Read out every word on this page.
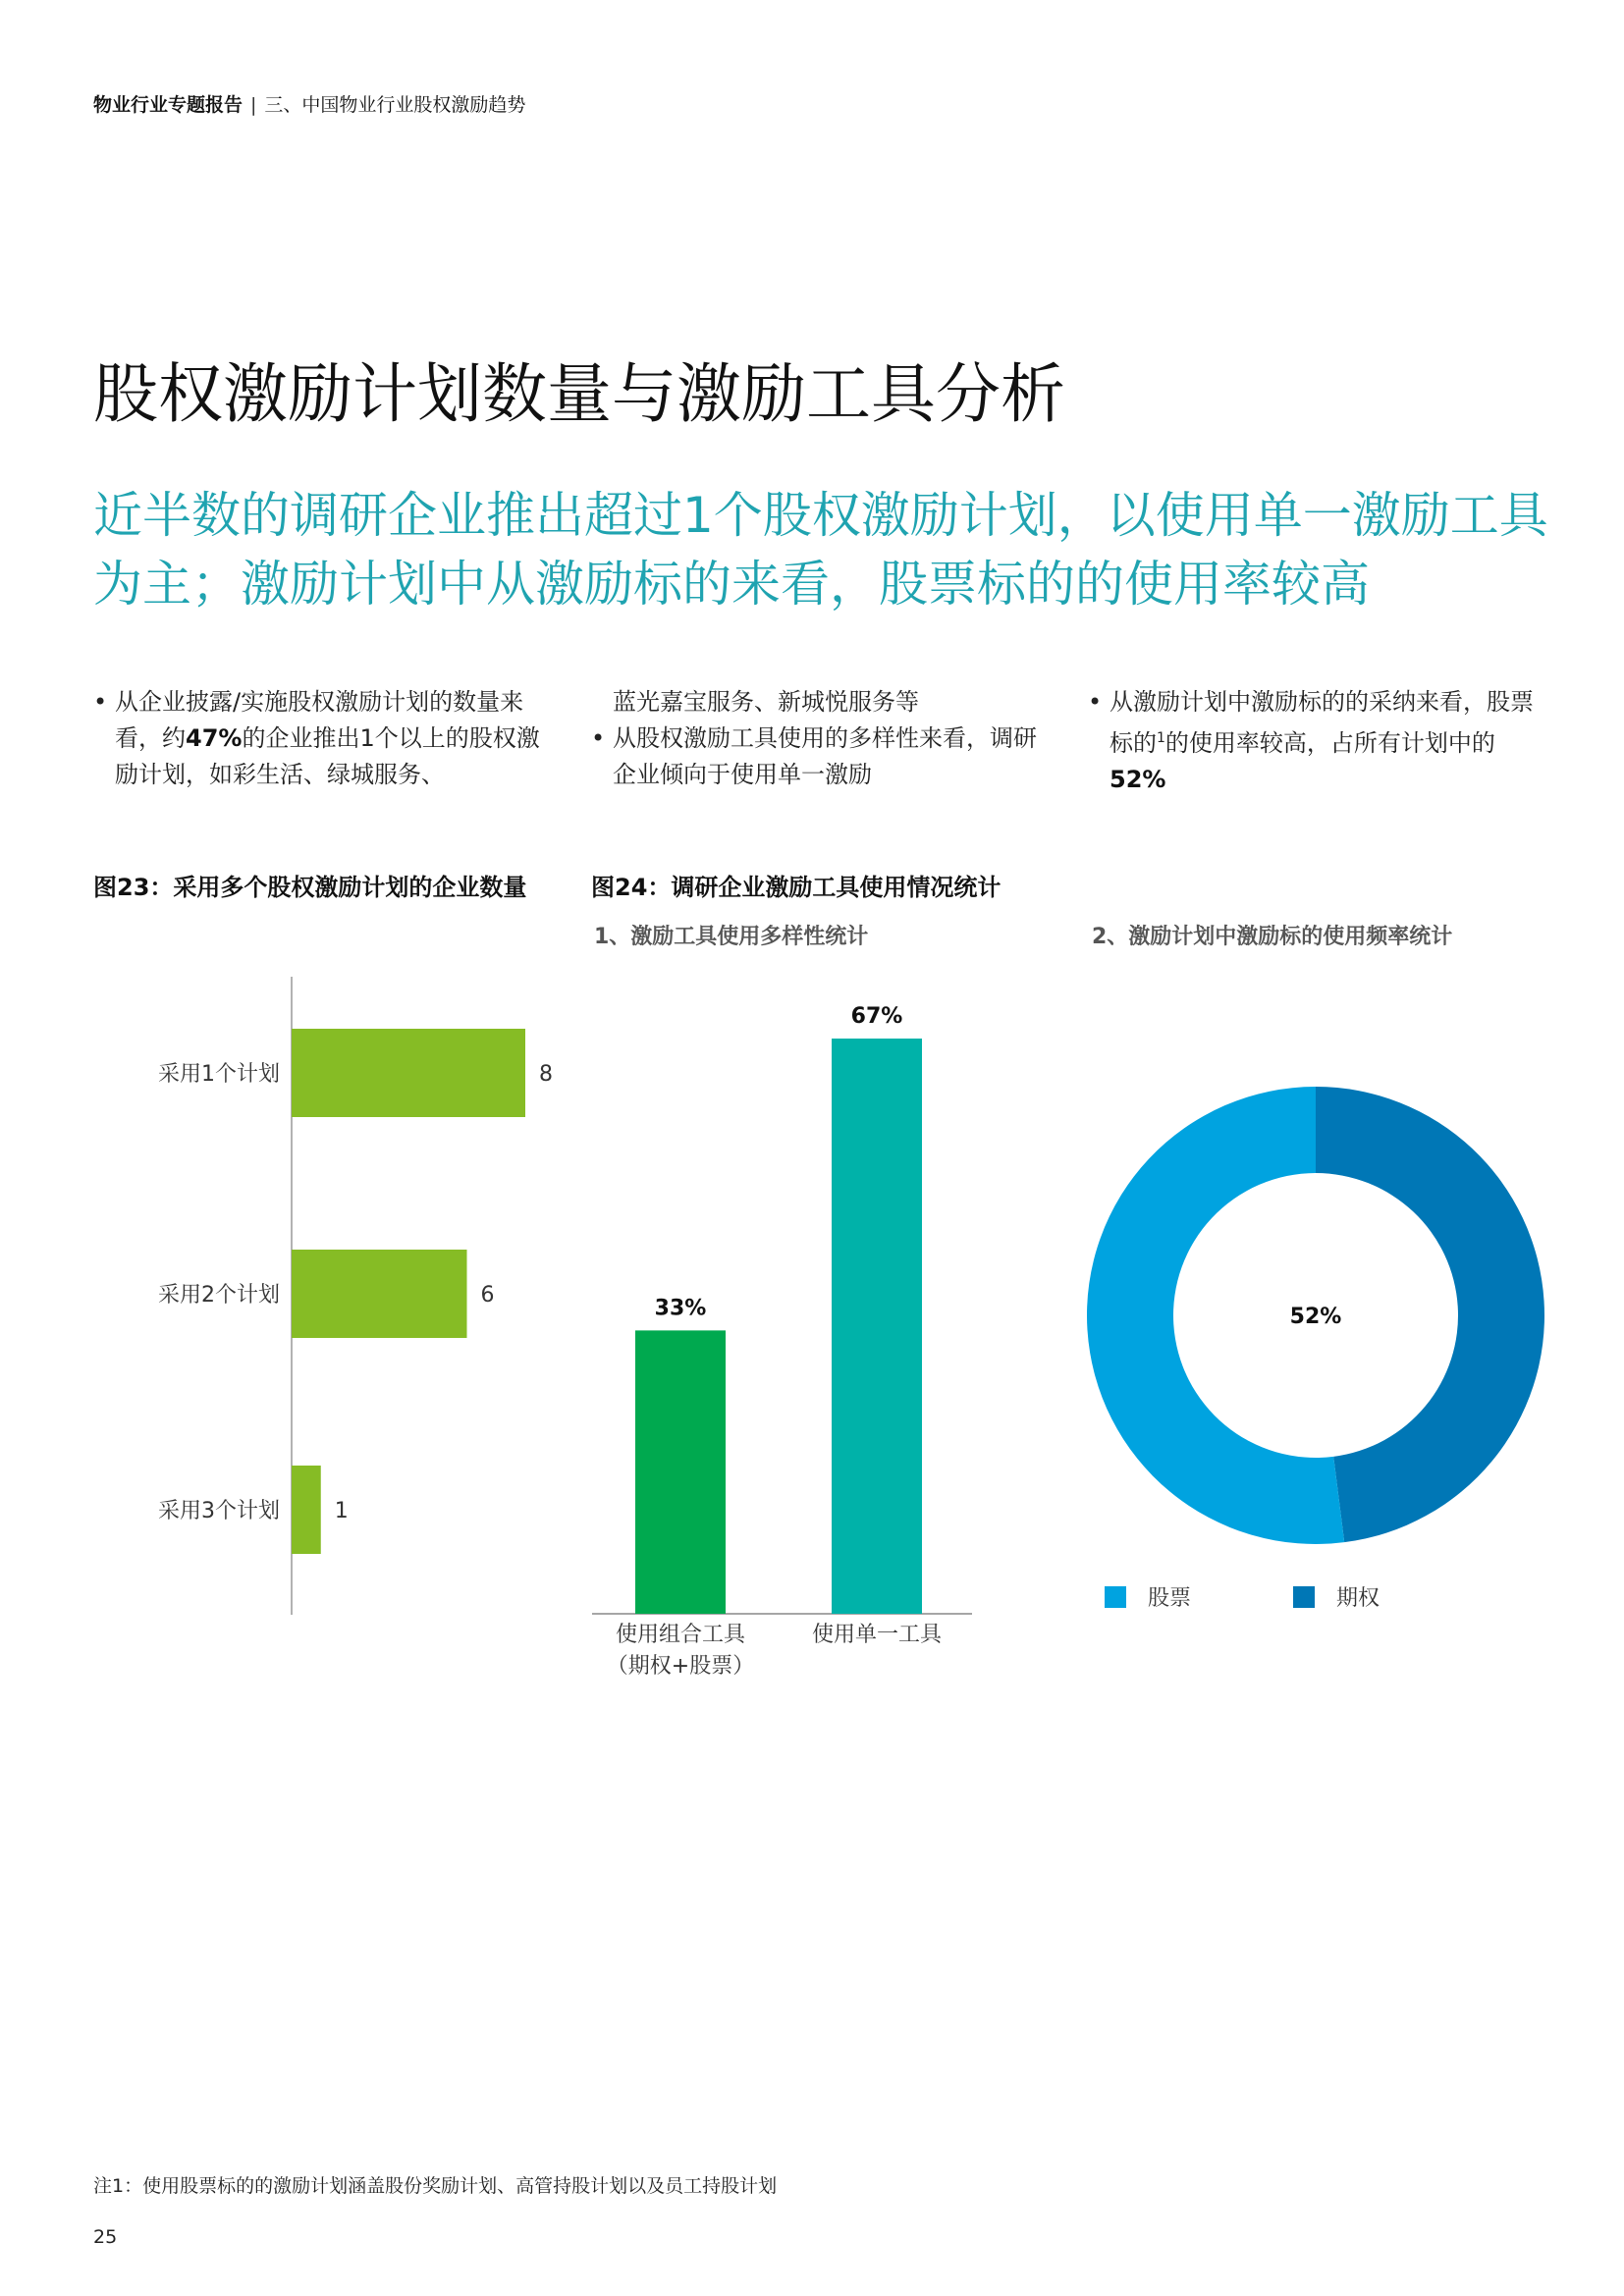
物业行业专题报告 | 三、中国物业行业股权激励趋势
股权激励计划数量与激励工具分析

近半数的调研企业推出超过1个股权激励计划，以使用单一激励工具为主；激励计划中从激励标的来看，股票标的的使用率较高

• 从企业披露/实施股权激励计划的数量来看，约47%的企业推出1个以上的股权激励计划，如彩生活、绿城服务、
蓝光嘉宝服务、新城悦服务等
• 从股权激励工具使用的多样性来看，调研企业倾向于使用单一激励
• 从激励计划中激励标的的采纳来看，股票标的$^1$的使用率较高，占所有计划中的52%
图23：采用多个股权激励计划的企业数量	图24：调研企业激励工具使用情况统计
1、激励工具使用多样性统计	2、激励计划中激励标的使用频率统计
采用1个计划	8
采用2个计划	6
采用3个计划	1
33%
使用组合工具
（期权+股票）
67%
使用单一工具
52%
股票	期权
注1：使用股票标的的激励计划涵盖股份奖励计划、高管持股计划以及员工持股计划
25
